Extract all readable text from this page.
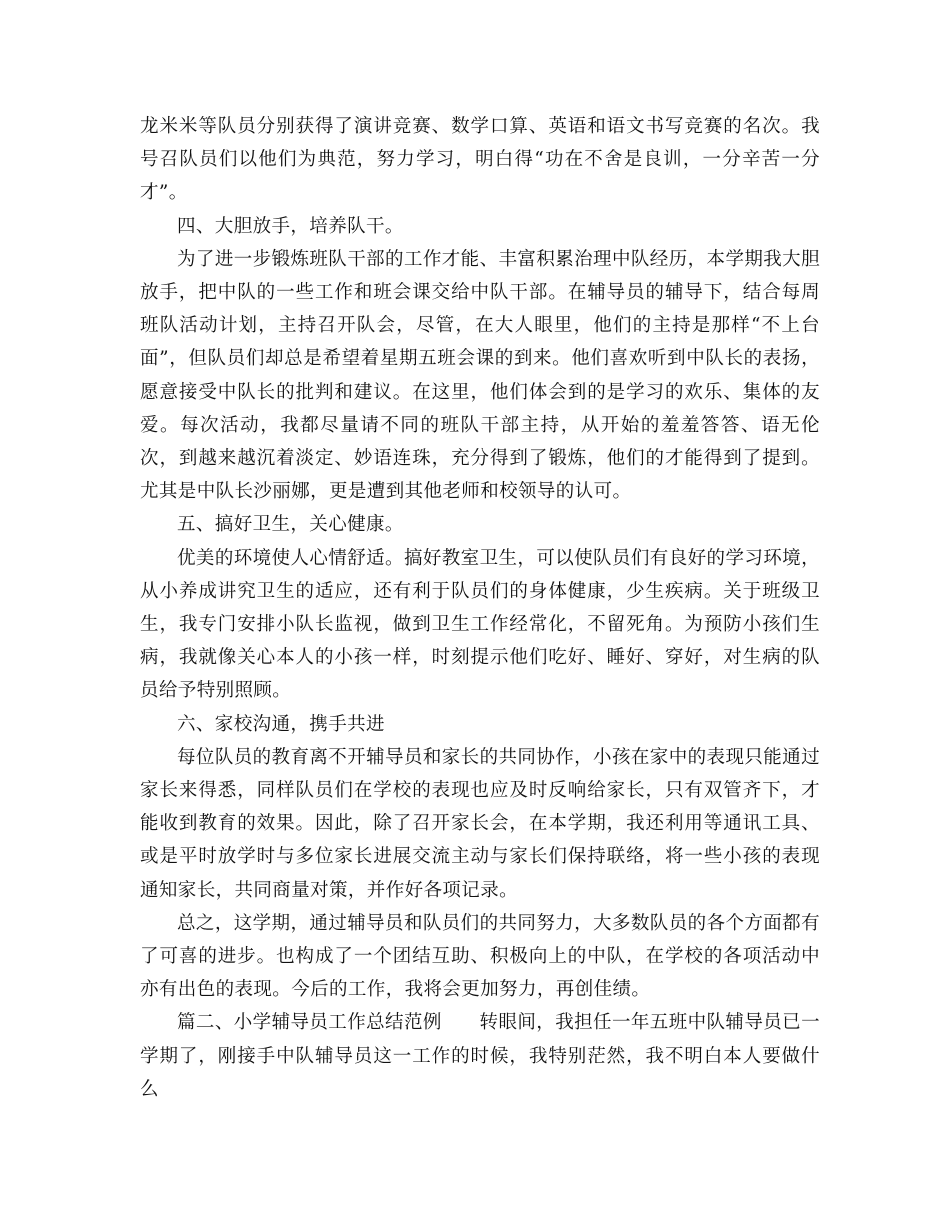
龙米米等队员分别获得了演讲竞赛、数学口算、英语和语文书写竞赛的名次。我号召队员们以他们为典范，努力学习，明白得“功在不舍是良训，一分辛苦一分才”。

四、大胆放手，培养队干。

为了进一步锻炼班队干部的工作才能、丰富积累治理中队经历，本学期我大胆放手，把中队的一些工作和班会课交给中队干部。在辅导员的辅导下，结合每周班队活动计划，主持召开队会，尽管，在大人眼里，他们的主持是那样“不上台面”，但队员们却总是希望着星期五班会课的到来。他们喜欢听到中队长的表扬，愿意接受中队长的批判和建议。在这里，他们体会到的是学习的欢乐、集体的友爱。每次活动，我都尽量请不同的班队干部主持，从开始的羞羞答答、语无伦次，到越来越沉着淡定、妙语连珠，充分得到了锻炼，他们的才能得到了提到。尤其是中队长沙丽娜，更是遭到其他老师和校领导的认可。

五、搞好卫生，关心健康。

优美的环境使人心情舒适。搞好教室卫生，可以使队员们有良好的学习环境，从小养成讲究卫生的适应，还有利于队员们的身体健康，少生疾病。关于班级卫生，我专门安排小队长监视，做到卫生工作经常化，不留死角。为预防小孩们生病，我就像关心本人的小孩一样，时刻提示他们吃好、睡好、穿好，对生病的队员给予特别照顾。

六、家校沟通，携手共进

每位队员的教育离不开辅导员和家长的共同协作，小孩在家中的表现只能通过家长来得悉，同样队员们在学校的表现也应及时反响给家长，只有双管齐下，才能收到教育的效果。因此，除了召开家长会，在本学期，我还利用等通讯工具、或是平时放学时与多位家长进展交流主动与家长们保持联络，将一些小孩的表现通知家长，共同商量对策，并作好各项记录。

总之，这学期，通过辅导员和队员们的共同努力，大多数队员的各个方面都有了可喜的进步。也构成了一个团结互助、积极向上的中队，在学校的各项活动中亦有出色的表现。今后的工作，我将会更加努力，再创佳绩。

篇二、小学辅导员工作总结范例      转眼间，我担任一年五班中队辅导员已一学期了，刚接手中队辅导员这一工作的时候，我特别茫然，我不明白本人要做什么
